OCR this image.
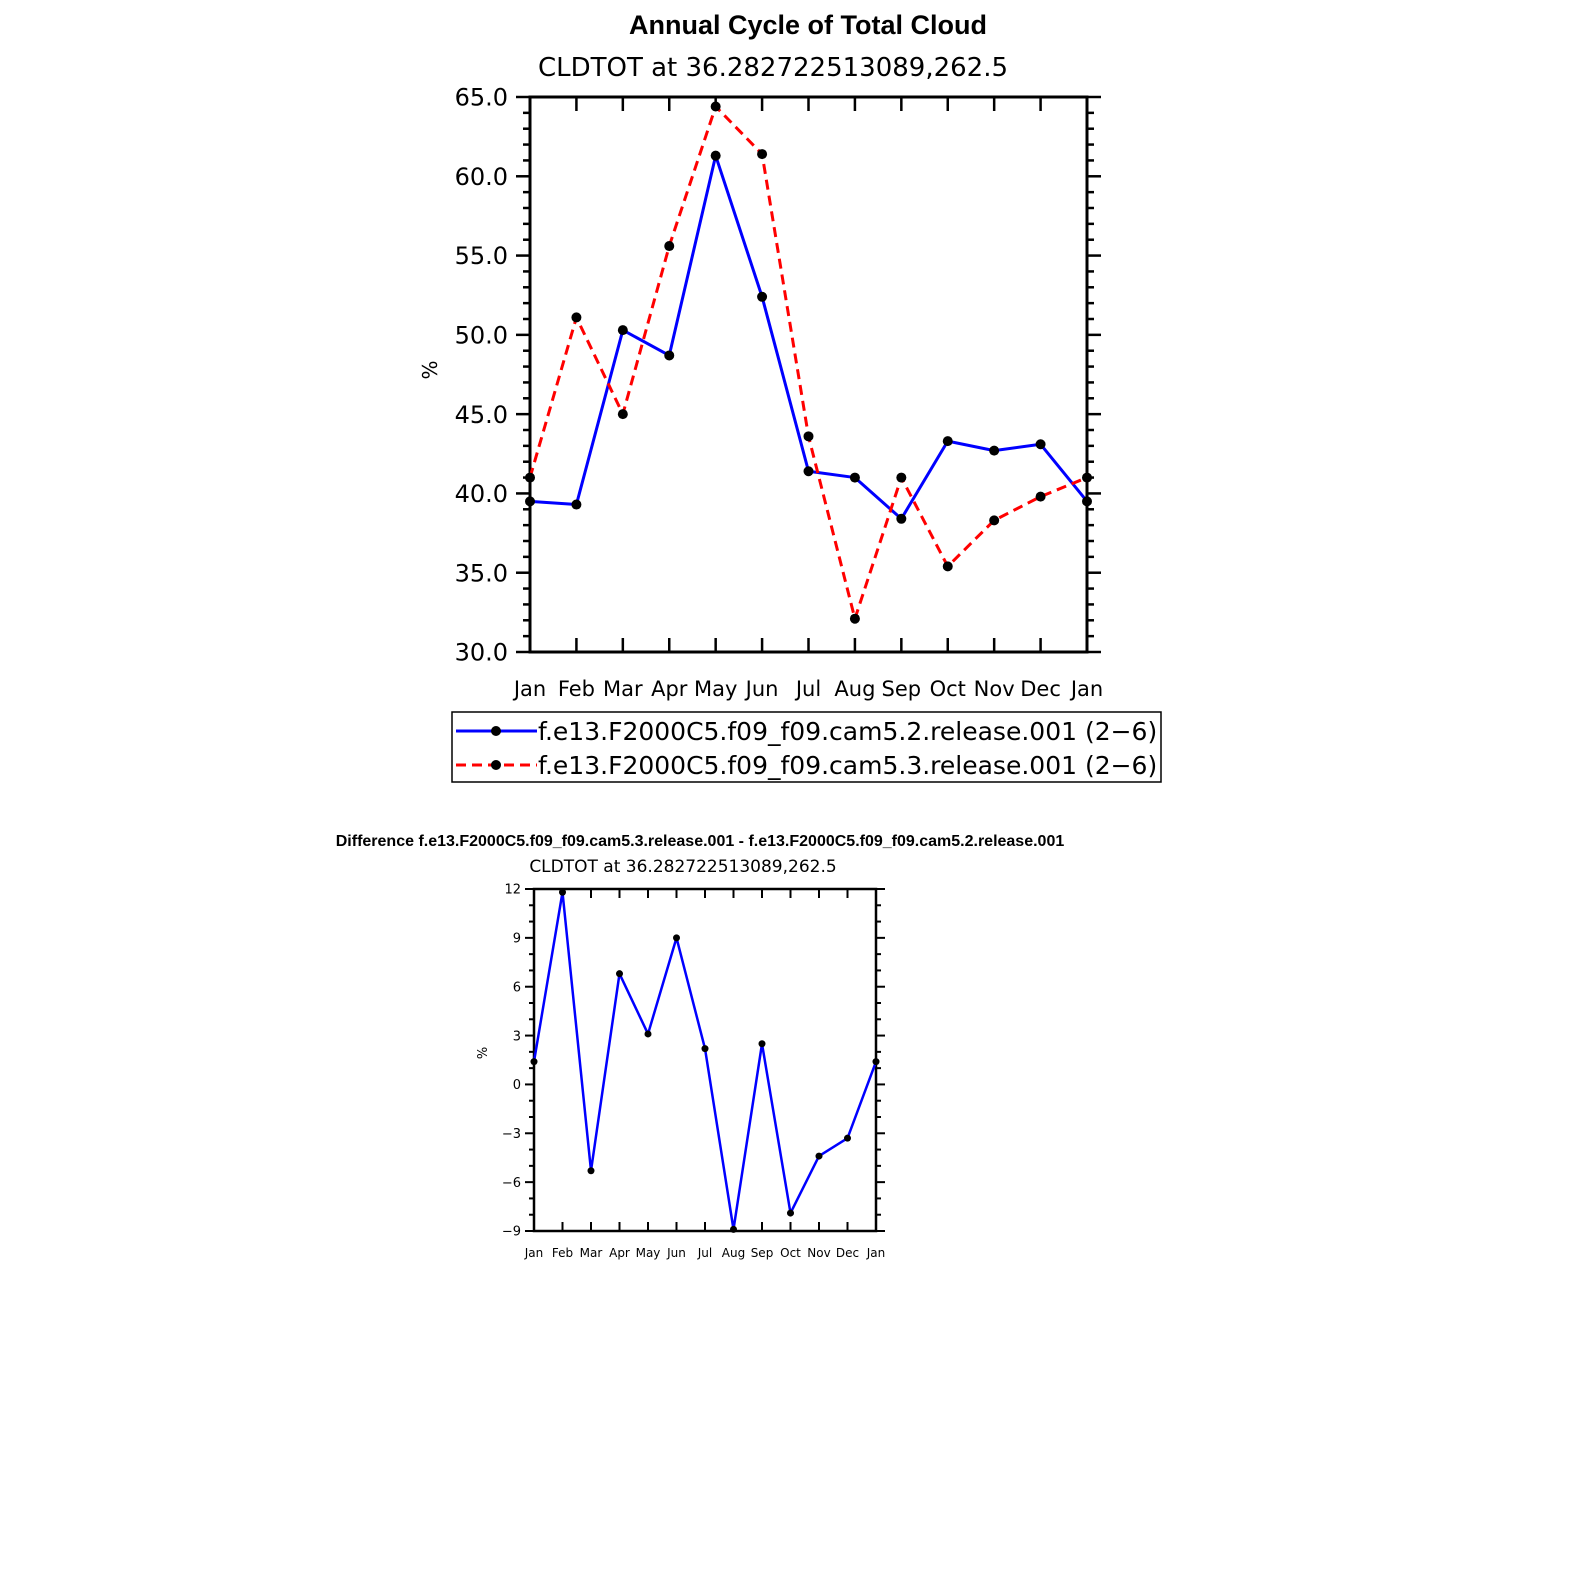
Annual Cycle of Total Cloud
CLDTOT at 36.282722513089,262.5
%
Jan Feb Mar Apr May Jun Jul Aug Sep Oct Nov Dec Jan
30.0
35.0
40.0
45.0
50.0
55.0
60.0
65.0
f.e13.F2000C5.f09_f09.cam5.2.release.001 (2−6)
f.e13.F2000C5.f09_f09.cam5.3.release.001 (2−6)
Difference f.e13.F2000C5.f09_f09.cam5.3.release.001 - f.e13.F2000C5.f09_f09.cam5.2.release.001
CLDTOT at 36.282722513089,262.5
%
Jan Feb Mar Apr May Jun Jul Aug Sep Oct Nov Dec Jan
−9
−6
−3
0
3
6
9
12
